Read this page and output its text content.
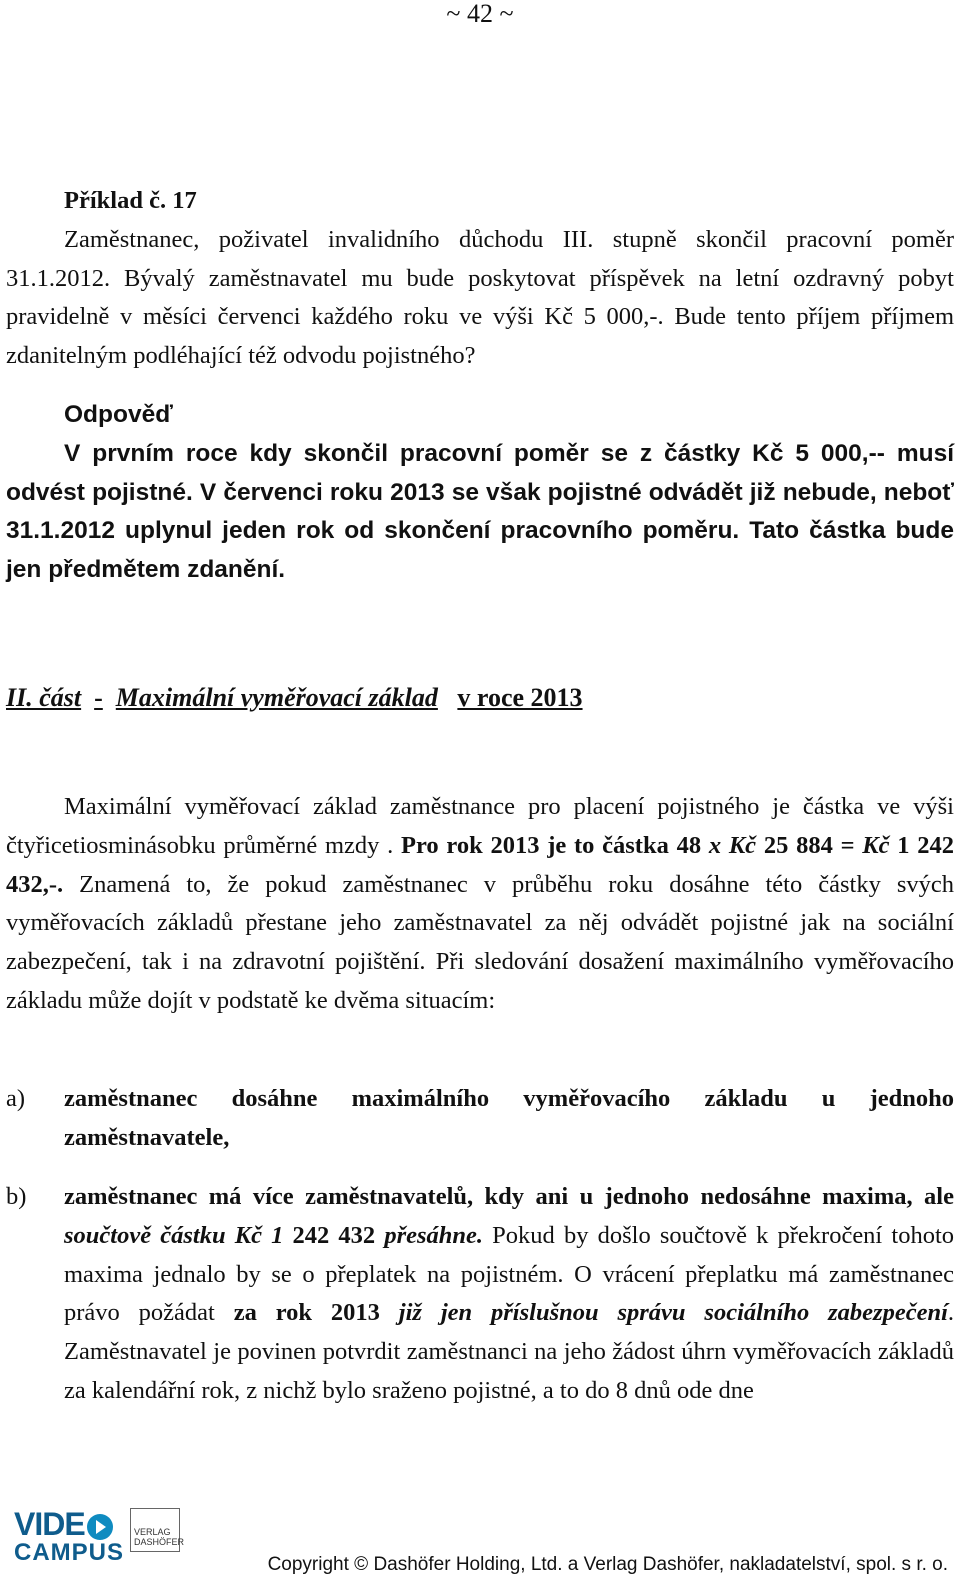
~ 42 ~
Příklad č. 17
Zaměstnanec, poživatel invalidního důchodu III. stupně skončil pracovní poměr 31.1.2012. Bývalý zaměstnavatel mu bude poskytovat příspěvek na letní ozdravný pobyt pravidelně v měsíci červenci každého roku ve výši Kč 5 000,-. Bude tento příjem příjmem zdanitelným podléhající též odvodu pojistného?
Odpověď
V prvním roce kdy skončil pracovní poměr se z částky Kč 5 000,-- musí odvést pojistné. V červenci roku 2013 se však pojistné odvádět již nebude, neboť 31.1.2012 uplynul jeden rok od skončení pracovního poměru. Tato částka bude jen předmětem zdanění.
II. část - Maximální vyměřovací základ v roce 2013
Maximální vyměřovací základ zaměstnance pro placení pojistného je částka ve výši čtyřicetiosminásobku průměrné mzdy . Pro rok 2013 je to částka 48 x Kč 25 884 = Kč 1 242 432,-. Znamená to, že pokud zaměstnanec v průběhu roku dosáhne této částky svých vyměřovacích základů přestane jeho zaměstnavatel za něj odvádět pojistné jak na sociální zabezpečení, tak i na zdravotní pojištění. Při sledování dosažení maximálního vyměřovacího základu může dojít v podstatě ke dvěma situacím:
a)	zaměstnanec dosáhne maximálního vyměřovacího základu u jednoho zaměstnavatele,
b)	zaměstnanec má více zaměstnavatelů, kdy ani u jednoho nedosáhne maxima, ale součtově částku Kč 1 242 432 přesáhne. Pokud by došlo součtově k překročení tohoto maxima jednalo by se o přeplatek na pojistném. O vrácení přeplatku má zaměstnanec právo požádat za rok 2013 již jen příslušnou správu sociálního zabezpečení. Zaměstnavatel je povinen potvrdit zaměstnanci na jeho žádost úhrn vyměřovacích základů za kalendářní rok, z nichž bylo sraženo pojistné, a to do 8 dnů ode dne
VIDE
CAMPUS
VERLAG DASHÖFER
Copyright © Dashöfer Holding, Ltd. a Verlag Dashöfer, nakladatelství, spol. s r. o.
